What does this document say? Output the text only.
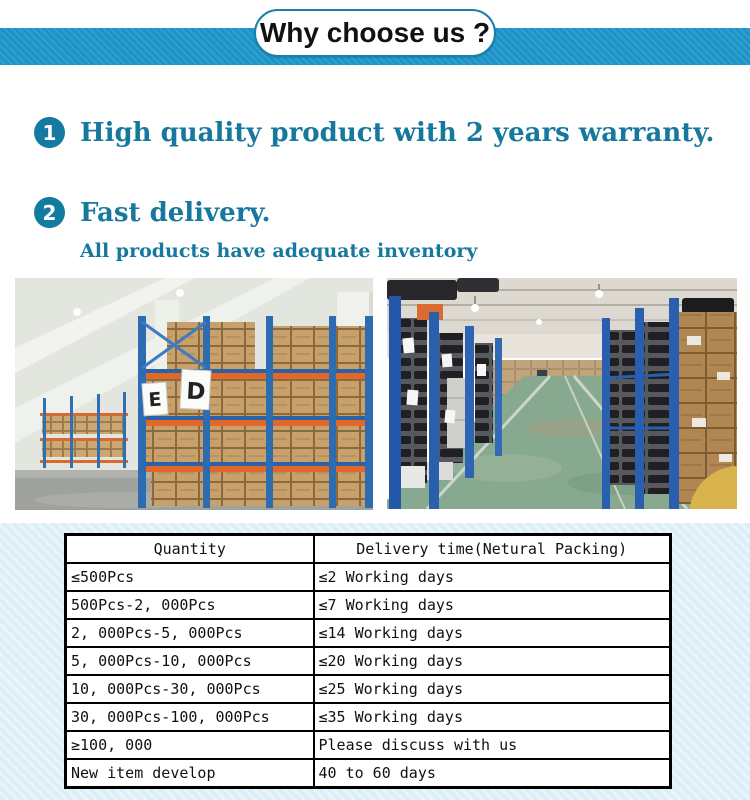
Why choose us ?
1 High quality product with 2 years warranty.
2 Fast delivery.
All products have adequate inventory
E D
Quantity	Delivery time(Netural Packing)
≤500Pcs	≤2 Working days
500Pcs-2, 000Pcs	≤7 Working days
2, 000Pcs-5, 000Pcs	≤14 Working days
5, 000Pcs-10, 000Pcs	≤20 Working days
10, 000Pcs-30, 000Pcs	≤25 Working days
30, 000Pcs-100, 000Pcs	≤35 Working days
≥100, 000	Please discuss with us
New item develop	40 to 60 days
